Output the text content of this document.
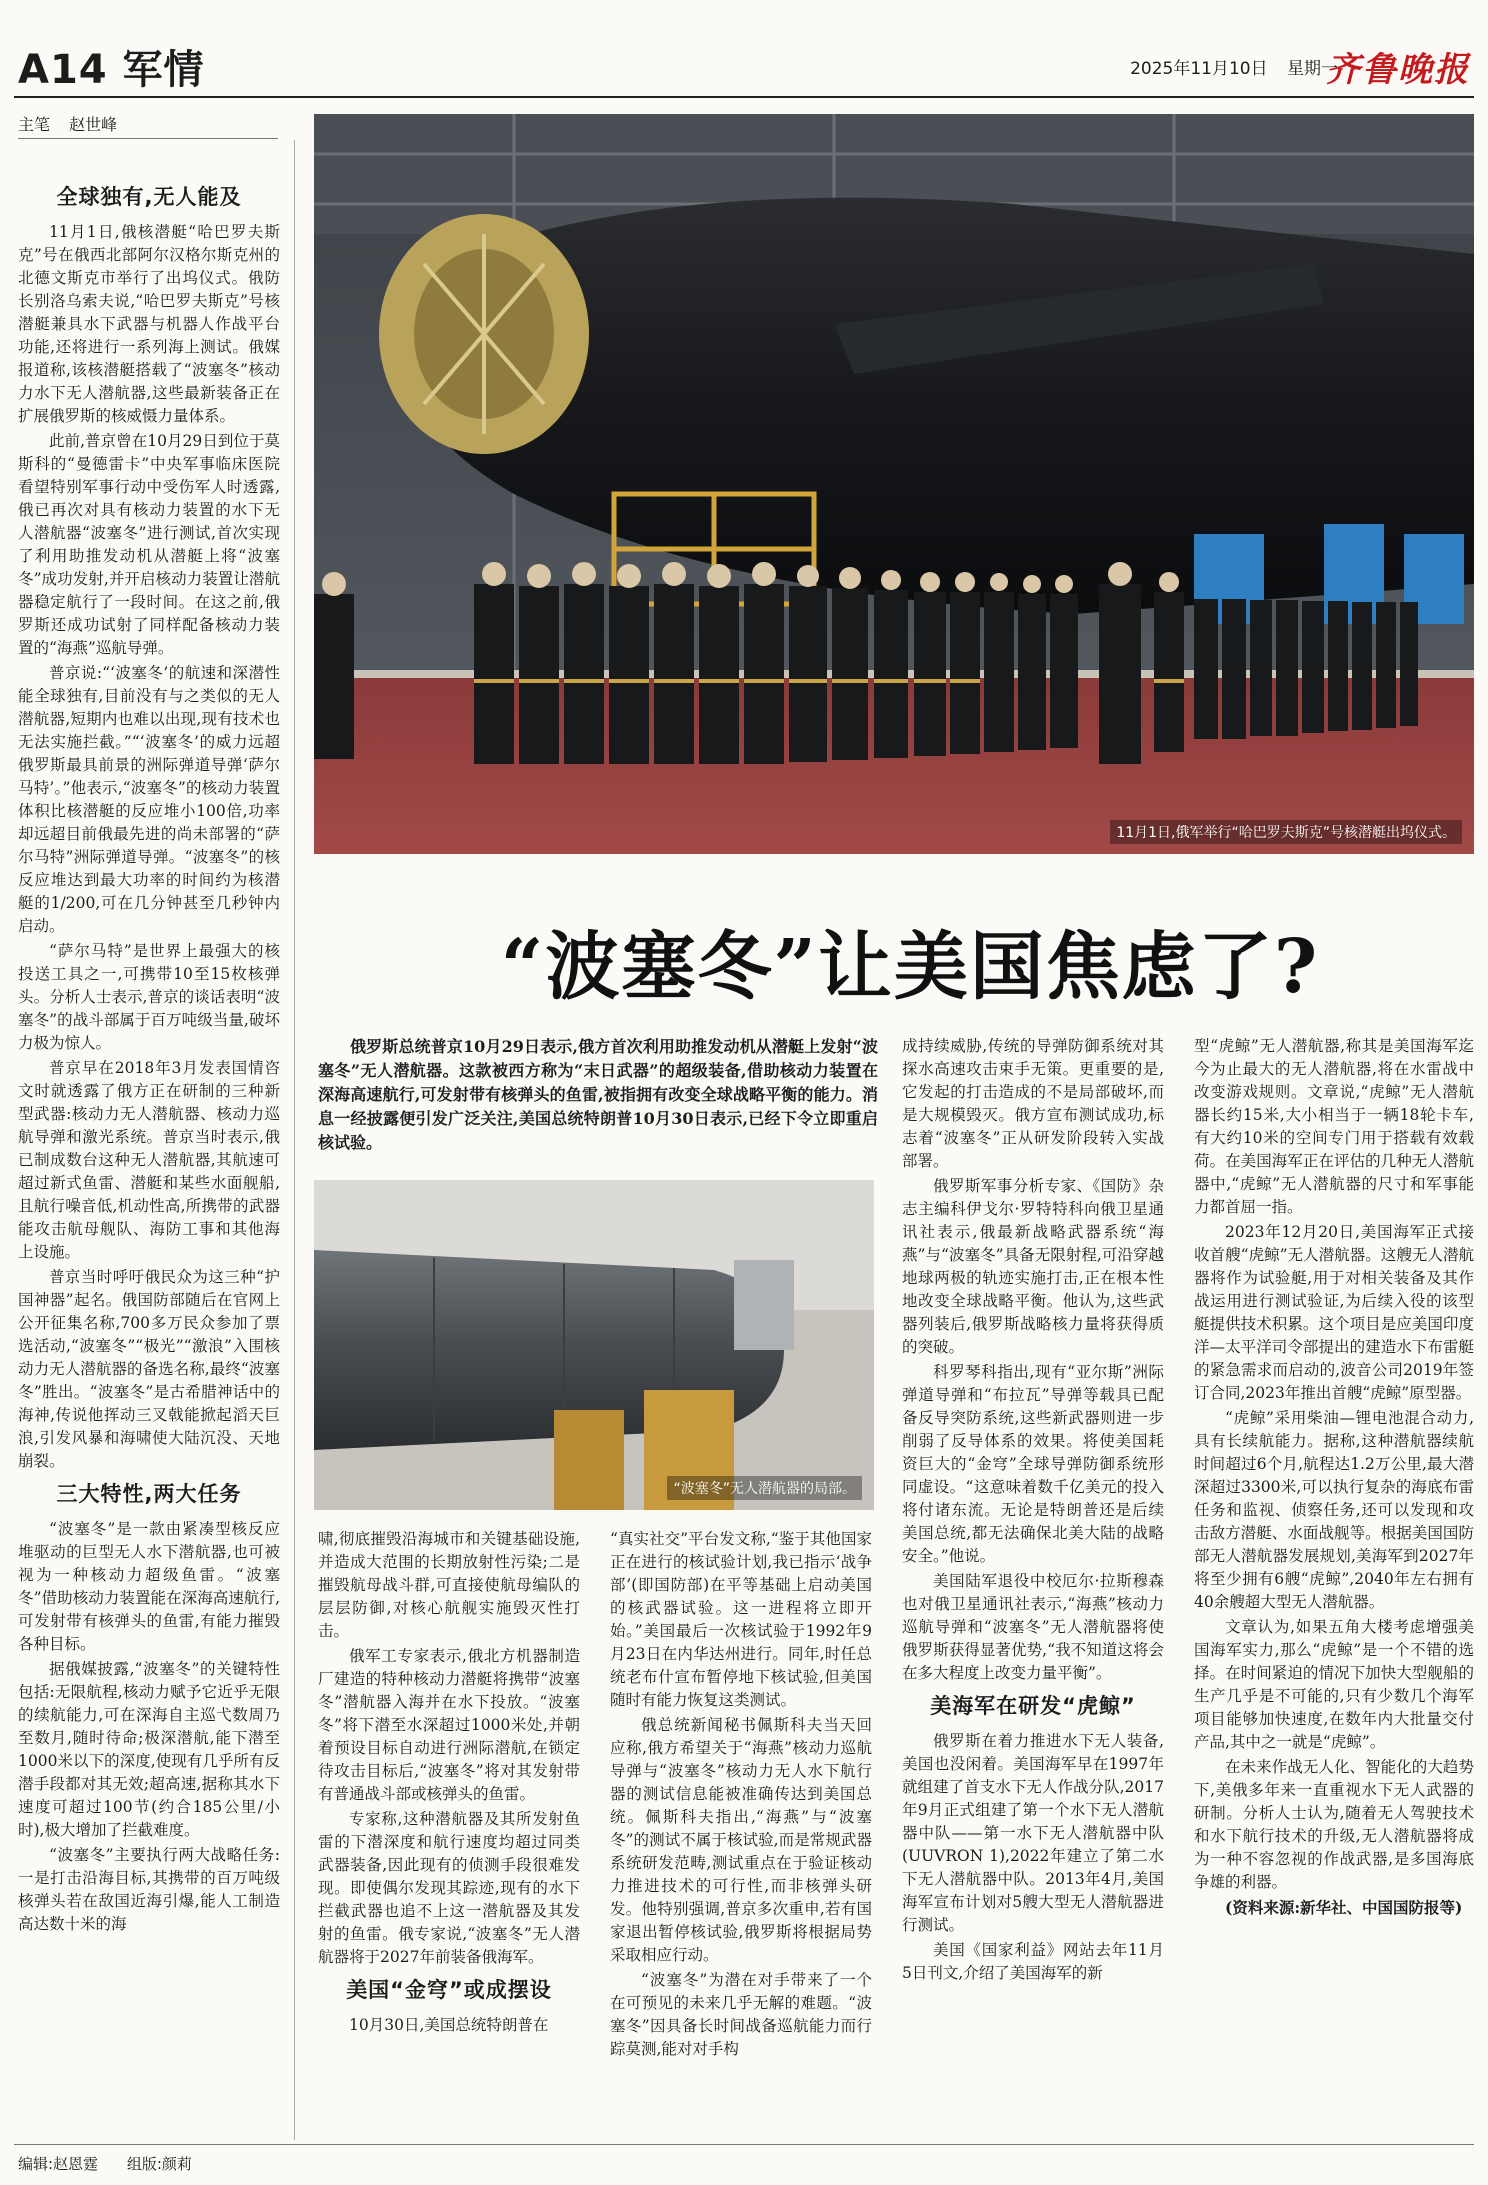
A14 军情	2025年11月10日 星期一
齐鲁晚报
主笔 赵世峰
11月1日,俄军举行“哈巴罗夫斯克”号核潜艇出坞仪式。
“波塞冬”让美国焦虑了?
全球独有,无人能及

11月1日,俄核潜艇“哈巴罗夫斯克”号在俄西北部阿尔汉格尔斯克州的北德文斯克市举行了出坞仪式。俄防长别洛乌索夫说,“哈巴罗夫斯克”号核潜艇兼具水下武器与机器人作战平台功能,还将进行一系列海上测试。俄媒报道称,该核潜艇搭载了“波塞冬”核动力水下无人潜航器,这些最新装备正在扩展俄罗斯的核威慑力量体系。

此前,普京曾在10月29日到位于莫斯科的“曼德雷卡”中央军事临床医院看望特别军事行动中受伤军人时透露,俄已再次对具有核动力装置的水下无人潜航器“波塞冬”进行测试,首次实现了利用助推发动机从潜艇上将“波塞冬”成功发射,并开启核动力装置让潜航器稳定航行了一段时间。在这之前,俄罗斯还成功试射了同样配备核动力装置的“海燕”巡航导弹。

普京说:“‘波塞冬’的航速和深潜性能全球独有,目前没有与之类似的无人潜航器,短期内也难以出现,现有技术也无法实施拦截。”“‘波塞冬’的威力远超俄罗斯最具前景的洲际弹道导弹‘萨尔马特’。”他表示,“波塞冬”的核动力装置体积比核潜艇的反应堆小100倍,功率却远超目前俄最先进的尚未部署的“萨尔马特”洲际弹道导弹。“波塞冬”的核反应堆达到最大功率的时间约为核潜艇的1/200,可在几分钟甚至几秒钟内启动。

“萨尔马特”是世界上最强大的核投送工具之一,可携带10至15枚核弹头。分析人士表示,普京的谈话表明“波塞冬”的战斗部属于百万吨级当量,破坏力极为惊人。

普京早在2018年3月发表国情咨文时就透露了俄方正在研制的三种新型武器:核动力无人潜航器、核动力巡航导弹和激光系统。普京当时表示,俄已制成数台这种无人潜航器,其航速可超过新式鱼雷、潜艇和某些水面舰船,且航行噪音低,机动性高,所携带的武器能攻击航母舰队、海防工事和其他海上设施。

普京当时呼吁俄民众为这三种“护国神器”起名。俄国防部随后在官网上公开征集名称,700多万民众参加了票选活动,“波塞冬”“极光”“激浪”入围核动力无人潜航器的备选名称,最终“波塞冬”胜出。“波塞冬”是古希腊神话中的海神,传说他挥动三叉戟能掀起滔天巨浪,引发风暴和海啸使大陆沉没、天地崩裂。

三大特性,两大任务

“波塞冬”是一款由紧凑型核反应堆驱动的巨型无人水下潜航器,也可被视为一种核动力超级鱼雷。“波塞冬”借助核动力装置能在深海高速航行,可发射带有核弹头的鱼雷,有能力摧毁各种目标。

据俄媒披露,“波塞冬”的关键特性包括:无限航程,核动力赋予它近乎无限的续航能力,可在深海自主巡弋数周乃至数月,随时待命;极深潜航,能下潜至1000米以下的深度,使现有几乎所有反潜手段都对其无效;超高速,据称其水下速度可超过100节(约合185公里/小时),极大增加了拦截难度。

“波塞冬”主要执行两大战略任务:一是打击沿海目标,其携带的百万吨级核弹头若在敌国近海引爆,能人工制造高达数十米的海

俄罗斯总统普京10月29日表示,俄方首次利用助推发动机从潜艇上发射“波塞冬”无人潜航器。这款被西方称为“末日武器”的超级装备,借助核动力装置在深海高速航行,可发射带有核弹头的鱼雷,被指拥有改变全球战略平衡的能力。消息一经披露便引发广泛关注,美国总统特朗普10月30日表示,已经下令立即重启核试验。

“波塞冬”无人潜航器的局部。

啸,彻底摧毁沿海城市和关键基础设施,并造成大范围的长期放射性污染;二是摧毁航母战斗群,可直接使航母编队的层层防御,对核心航舰实施毁灭性打击。

俄军工专家表示,俄北方机器制造厂建造的特种核动力潜艇将携带“波塞冬”潜航器入海并在水下投放。“波塞冬”将下潜至水深超过1000米处,并朝着预设目标自动进行洲际潜航,在锁定待攻击目标后,“波塞冬”将对其发射带有普通战斗部或核弹头的鱼雷。

专家称,这种潜航器及其所发射鱼雷的下潜深度和航行速度均超过同类武器装备,因此现有的侦测手段很难发现。即使偶尔发现其踪迹,现有的水下拦截武器也追不上这一潜航器及其发射的鱼雷。俄专家说,“波塞冬”无人潜航器将于2027年前装备俄海军。

美国“金穹”或成摆设

10月30日,美国总统特朗普在

“真实社交”平台发文称,“鉴于其他国家正在进行的核试验计划,我已指示‘战争部’(即国防部)在平等基础上启动美国的核武器试验。这一进程将立即开始。”美国最后一次核试验于1992年9月23日在内华达州进行。同年,时任总统老布什宣布暂停地下核试验,但美国随时有能力恢复这类测试。

俄总统新闻秘书佩斯科夫当天回应称,俄方希望关于“海燕”核动力巡航导弹与“波塞冬”核动力无人水下航行器的测试信息能被准确传达到美国总统。佩斯科夫指出,“海燕”与“波塞冬”的测试不属于核试验,而是常规武器系统研发范畴,测试重点在于验证核动力推进技术的可行性,而非核弹头研发。他特别强调,普京多次重申,若有国家退出暂停核试验,俄罗斯将根据局势采取相应行动。

“波塞冬”为潜在对手带来了一个在可预见的未来几乎无解的难题。“波塞冬”因具备长时间战备巡航能力而行踪莫测,能对对手构

成持续威胁,传统的导弹防御系统对其探水高速攻击束手无策。更重要的是,它发起的打击造成的不是局部破坏,而是大规模毁灭。俄方宣布测试成功,标志着“波塞冬”正从研发阶段转入实战部署。

俄罗斯军事分析专家、《国防》杂志主编科伊戈尔·罗特特科向俄卫星通讯社表示,俄最新战略武器系统“海燕”与“波塞冬”具备无限射程,可沿穿越地球两极的轨迹实施打击,正在根本性地改变全球战略平衡。他认为,这些武器列装后,俄罗斯战略核力量将获得质的突破。

科罗琴科指出,现有“亚尔斯”洲际弹道导弹和“布拉瓦”导弹等载具已配备反导突防系统,这些新武器则进一步削弱了反导体系的效果。将使美国耗资巨大的“金穹”全球导弹防御系统形同虚设。“这意味着数千亿美元的投入将付诸东流。无论是特朗普还是后续美国总统,都无法确保北美大陆的战略安全。”他说。

美国陆军退役中校厄尔·拉斯穆森也对俄卫星通讯社表示,“海燕”核动力巡航导弹和“波塞冬”无人潜航器将使俄罗斯获得显著优势,“我不知道这将会在多大程度上改变力量平衡”。

美海军在研发“虎鲸”

俄罗斯在着力推进水下无人装备,美国也没闲着。美国海军早在1997年就组建了首支水下无人作战分队,2017年9月正式组建了第一个水下无人潜航器中队——第一水下无人潜航器中队(UUVRON 1),2022年建立了第二水下无人潜航器中队。2013年4月,美国海军宣布计划对5艘大型无人潜航器进行测试。

美国《国家利益》网站去年11月5日刊文,介绍了美国海军的新

型“虎鲸”无人潜航器,称其是美国海军迄今为止最大的无人潜航器,将在水雷战中改变游戏规则。文章说,“虎鲸”无人潜航器长约15米,大小相当于一辆18轮卡车,有大约10米的空间专门用于搭载有效载荷。在美国海军正在评估的几种无人潜航器中,“虎鲸”无人潜航器的尺寸和军事能力都首屈一指。

2023年12月20日,美国海军正式接收首艘“虎鲸”无人潜航器。这艘无人潜航器将作为试验艇,用于对相关装备及其作战运用进行测试验证,为后续入役的该型艇提供技术积累。这个项目是应美国印度洋—太平洋司令部提出的建造水下布雷艇的紧急需求而启动的,波音公司2019年签订合同,2023年推出首艘“虎鲸”原型器。

“虎鲸”采用柴油—锂电池混合动力,具有长续航能力。据称,这种潜航器续航时间超过6个月,航程达1.2万公里,最大潜深超过3300米,可以执行复杂的海底布雷任务和监视、侦察任务,还可以发现和攻击敌方潜艇、水面战舰等。根据美国国防部无人潜航器发展规划,美海军到2027年将至少拥有6艘“虎鲸”,2040年左右拥有40余艘超大型无人潜航器。

文章认为,如果五角大楼考虑增强美国海军实力,那么“虎鲸”是一个不错的选择。在时间紧迫的情况下加快大型舰船的生产几乎是不可能的,只有少数几个海军项目能够加快速度,在数年内大批量交付产品,其中之一就是“虎鲸”。

在未来作战无人化、智能化的大趋势下,美俄多年来一直重视水下无人武器的研制。分析人士认为,随着无人驾驶技术和水下航行技术的升级,无人潜航器将成为一种不容忽视的作战武器,是多国海底争雄的利器。

(资料来源:新华社、中国国防报等)

编辑:赵恩霆 组版:颜莉
